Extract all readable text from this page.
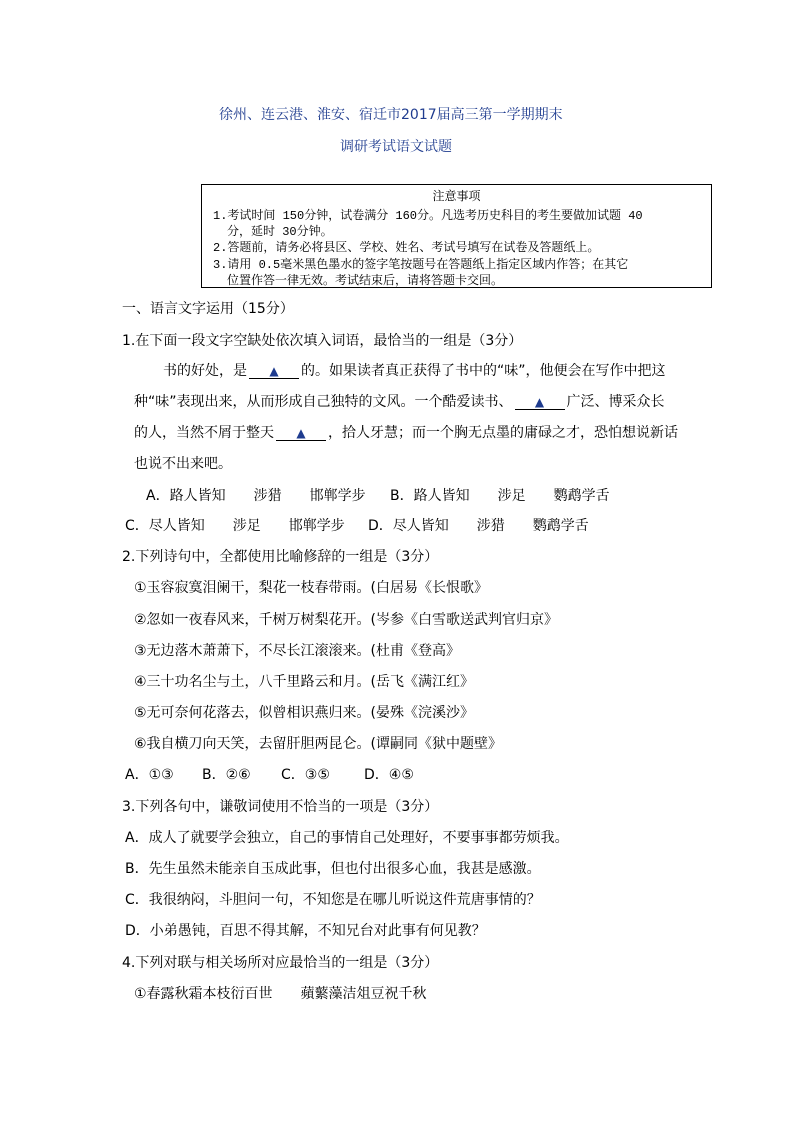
徐州、连云港、淮安、宿迁市2017届高三第一学期期末
调研考试语文试题
注意事项
1.考试时间 150分钟，试卷满分 160分。凡选考历史科目的考生要做加试题 40
分，延时 30分钟。
2.答题前，请务必将县区、学校、姓名、考试号填写在试卷及答题纸上。
3.请用 0.5毫米黑色墨水的签字笔按题号在答题纸上指定区域内作答；在其它
位置作答一律无效。考试结束后，请将答题卡交回。
一、语言文字运用（15分）
1.在下面一段文字空缺处依次填入词语，最恰当的一组是（3分）
书的好处，是 ▲ 的。如果读者真正获得了书中的“味”，他便会在写作中把这
种“味”表现出来，从而形成自己独特的文风。一个酷爱读书、 ▲ 广泛、博采众长
的人，当然不屑于整天 ▲ ，拾人牙慧；而一个胸无点墨的庸碌之才，恐怕想说新话
也说不出来吧。
A．路人皆知　　涉猎　　邯郸学步 B．路人皆知　　涉足　　鹦鹉学舌
C．尽人皆知　　涉足　　邯郸学步 D．尽人皆知　　涉猎　　鹦鹉学舌
2.下列诗句中，全都使用比喻修辞的一组是（3分）
①玉容寂寞泪阑干，梨花一枝春带雨。(白居易《长恨歌》
②忽如一夜春风来，千树万树梨花开。(岑参《白雪歌送武判官归京》
③无边落木萧萧下，不尽长江滚滚来。(杜甫《登高》
④三十功名尘与土，八千里路云和月。(岳飞《满江红》
⑤无可奈何花落去，似曾相识燕归来。(晏殊《浣溪沙》
⑥我自横刀向天笑，去留肝胆两昆仑。(谭嗣同《狱中题壁》
A．①③ B．②⑥ C．③⑤ D．④⑤
3.下列各句中，谦敬词使用不恰当的一项是（3分）
A．成人了就要学会独立，自己的事情自己处理好，不要事事都劳烦我。
B．先生虽然未能亲自玉成此事，但也付出很多心血，我甚是感激。
C．我很纳闷，斗胆问一句，不知您是在哪儿听说这件荒唐事情的？
D．小弟愚钝，百思不得其解，不知兄台对此事有何见教？
4.下列对联与相关场所对应最恰当的一组是（3分）
①春露秋霜本枝衍百世　　蘋蘩藻洁俎豆祝千秋
